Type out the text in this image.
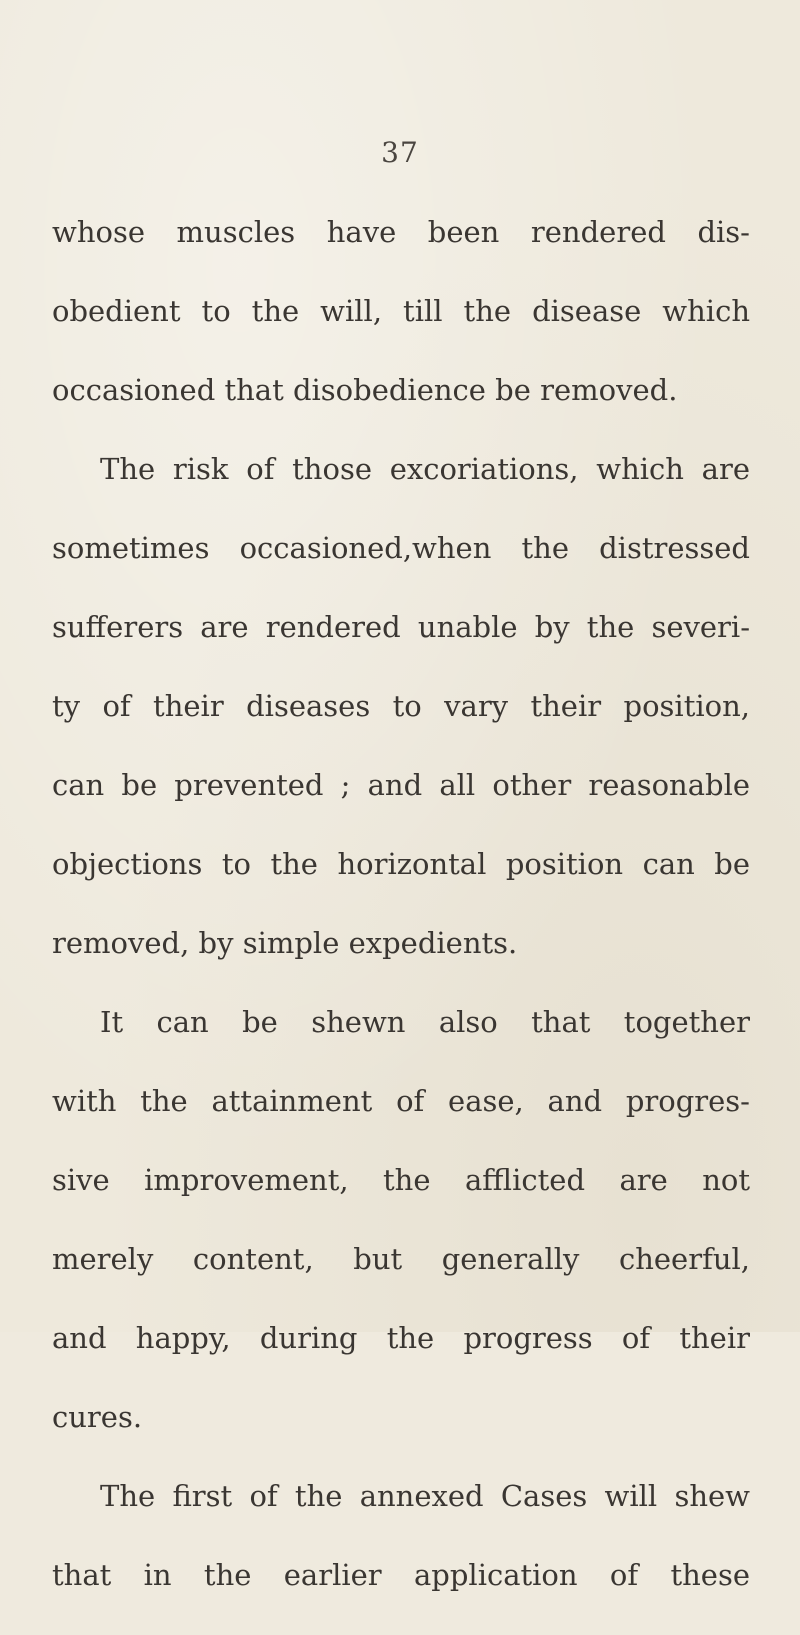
37
whose muscles have been rendered dis-
obedient to the will, till the disease which
occasioned that disobedience be removed.
The risk of those excoriations, which are
sometimes occasioned,when the distressed
sufferers are rendered unable by the severi-
ty of their diseases to vary their position,
can be prevented ; and all other reasonable
objections to the horizontal position can be
removed, by simple expedients.
It can be shewn also that together
with the attainment of ease, and progres-
sive improvement, the afflicted are not
merely content, but generally cheerful,
and happy, during the progress of their
cures.
The first of the annexed Cases will shew
that in the earlier application of these
